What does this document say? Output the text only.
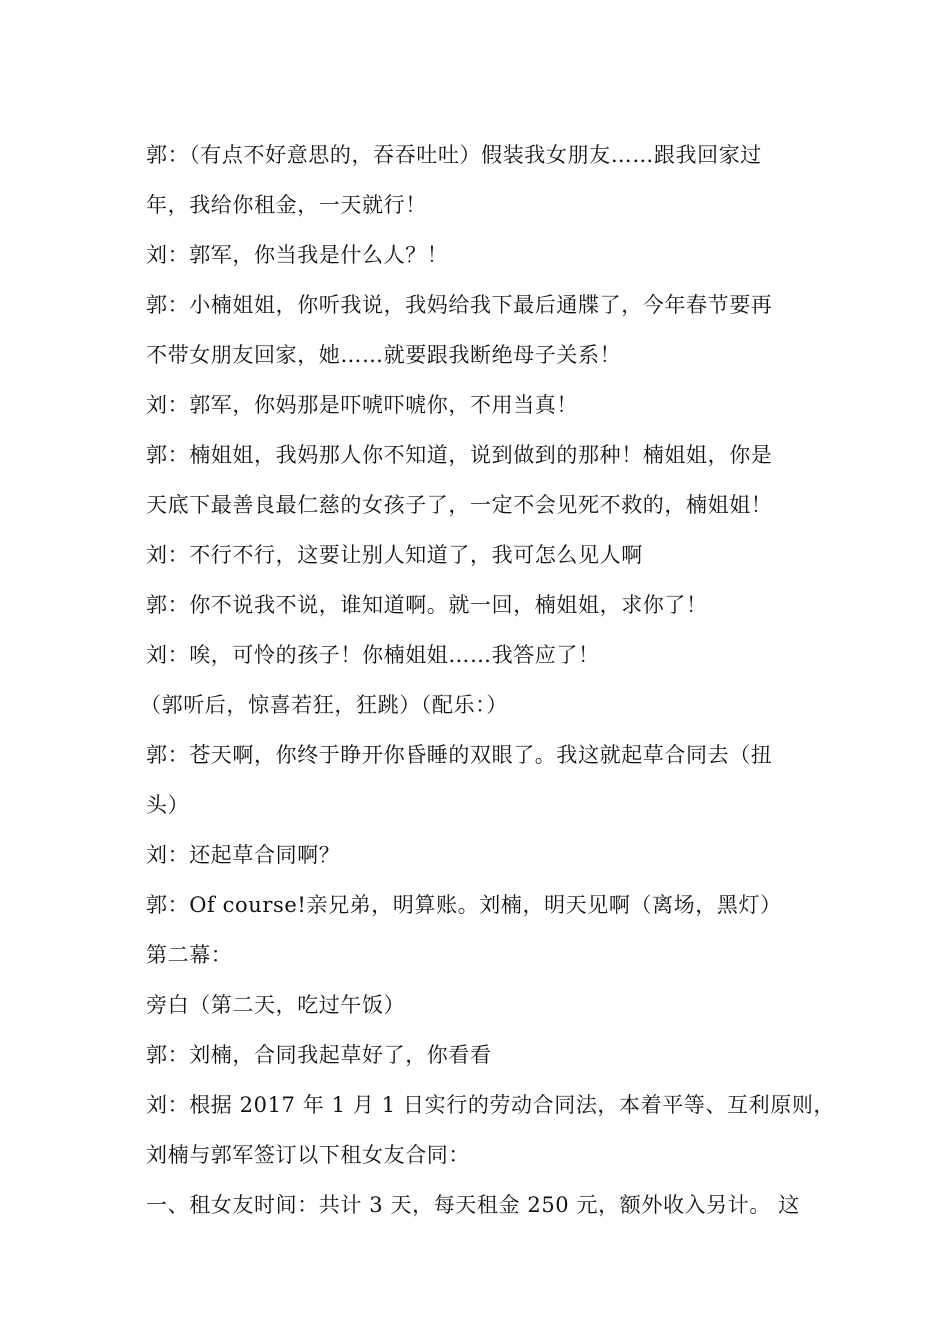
郭：（有点不好意思的，吞吞吐吐）假装我女朋友……跟我回家过
年，我给你租金，一天就行！
刘：郭军，你当我是什么人？！
郭：小楠姐姐，你听我说，我妈给我下最后通牒了，今年春节要再
不带女朋友回家，她……就要跟我断绝母子关系！
刘：郭军，你妈那是吓唬吓唬你，不用当真！
郭：楠姐姐，我妈那人你不知道，说到做到的那种！楠姐姐，你是
天底下最善良最仁慈的女孩子了，一定不会见死不救的，楠姐姐！
刘：不行不行，这要让别人知道了，我可怎么见人啊
郭：你不说我不说，谁知道啊。就一回，楠姐姐，求你了！
刘：唉，可怜的孩子！你楠姐姐……我答应了！
（郭听后，惊喜若狂，狂跳）（配乐：）
郭：苍天啊，你终于睁开你昏睡的双眼了。我这就起草合同去（扭
头）
刘：还起草合同啊？
郭：Of course!亲兄弟，明算账。刘楠，明天见啊（离场，黑灯）
第二幕：
旁白（第二天，吃过午饭）
郭：刘楠，合同我起草好了，你看看
刘：根据 2017 年 1 月 1 日实行的劳动合同法，本着平等、互利原则，
刘楠与郭军签订以下租女友合同：
一、租女友时间：共计 3 天，每天租金 250 元，额外收入另计。 这
